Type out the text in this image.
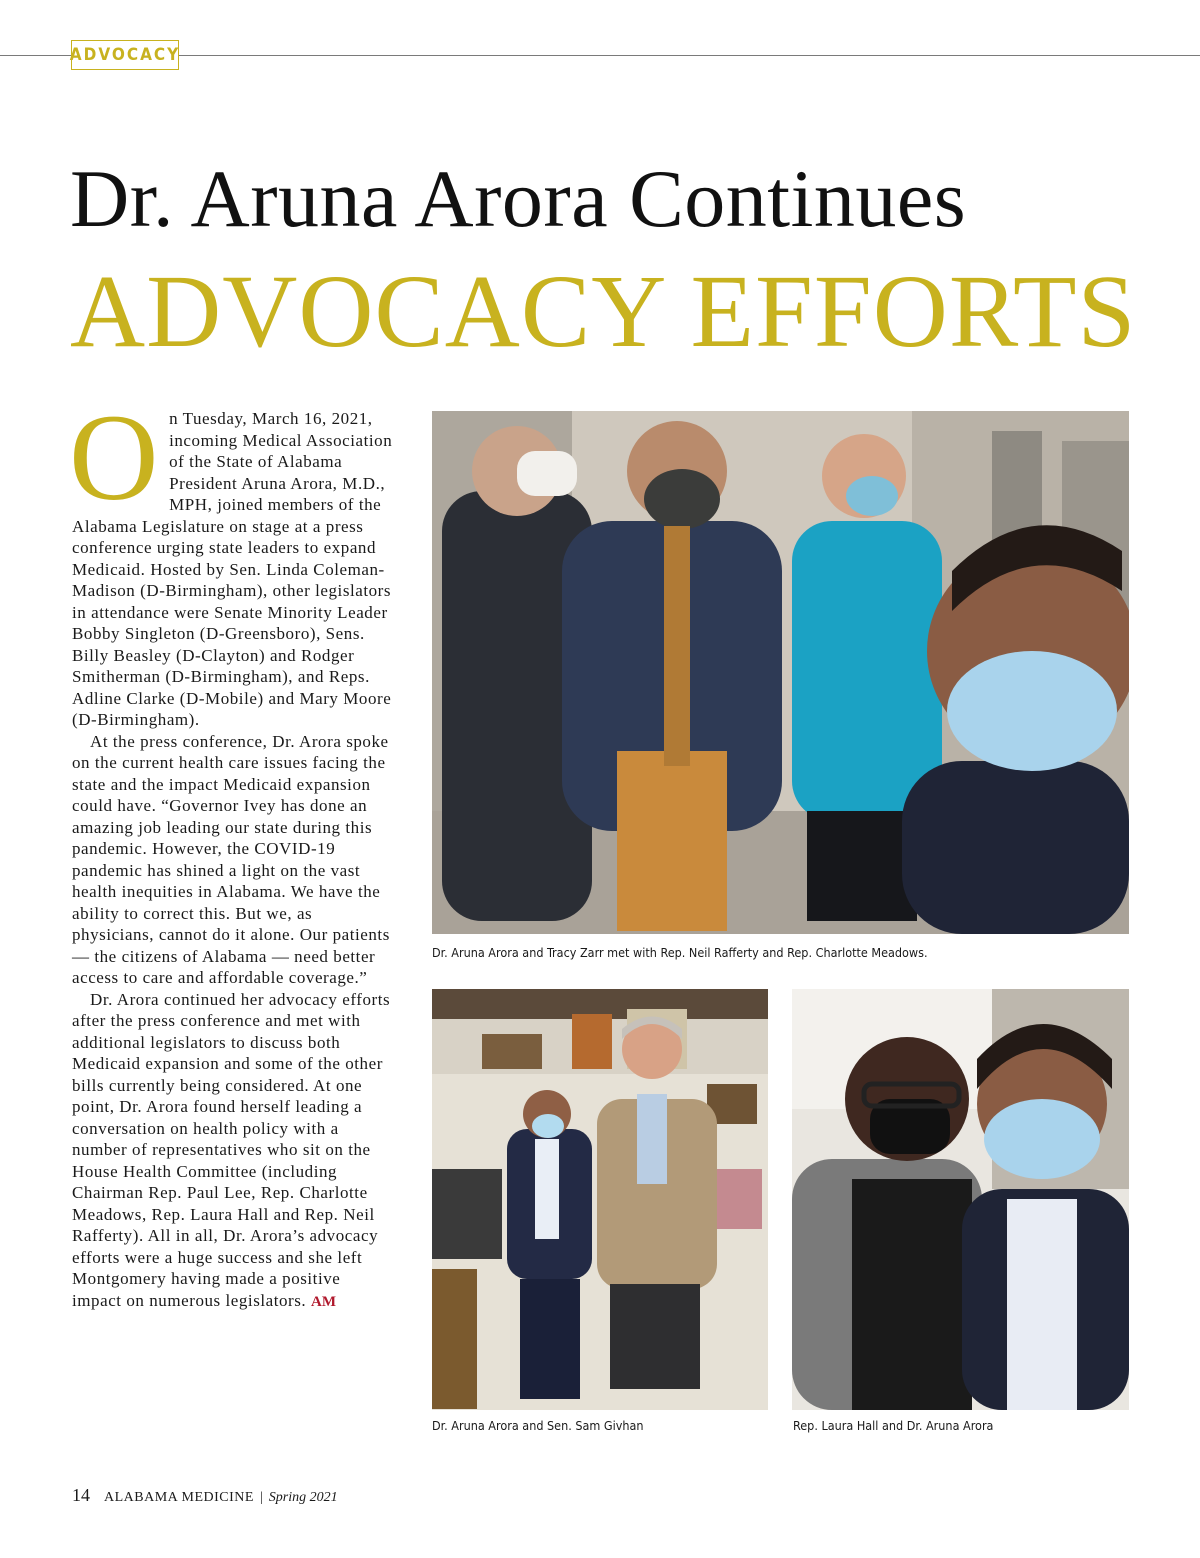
ADVOCACY
Dr. Aruna Arora Continues
ADVOCACY EFFORTS

On Tuesday, March 16, 2021, incoming Medical Association of the State of Alabama President Aruna Arora, M.D., MPH, joined members of the Alabama Legislature on stage at a press conference urging state leaders to expand Medicaid. Hosted by Sen. Linda Coleman-Madison (D-Birmingham), other legislators in attendance were Senate Minority Leader Bobby Singleton (D-Greensboro), Sens. Billy Beasley (D-Clayton) and Rodger Smitherman (D-Birmingham), and Reps. Adline Clarke (D-Mobile) and Mary Moore (D-Birmingham).

At the press conference, Dr. Arora spoke on the current health care issues facing the state and the impact Medicaid expansion could have. “Governor Ivey has done an amazing job leading our state during this pandemic. However, the COVID-19 pandemic has shined a light on the vast health inequities in Alabama. We have the ability to correct this. But we, as physicians, cannot do it alone. Our patients — the citizens of Alabama — need better access to care and affordable coverage.”

Dr. Arora continued her advocacy efforts after the press conference and met with additional legislators to discuss both Medicaid expansion and some of the other bills currently being considered. At one point, Dr. Arora found herself leading a conversation on health policy with a number of representatives who sit on the House Health Committee (including Chairman Rep. Paul Lee, Rep. Charlotte Meadows, Rep. Laura Hall and Rep. Neil Rafferty). All in all, Dr. Arora’s advocacy efforts were a huge success and she left Montgomery having made a positive impact on numerous legislators. AM

Dr. Aruna Arora and Tracy Zarr met with Rep. Neil Rafferty and Rep. Charlotte Meadows.
Dr. Aruna Arora and Sen. Sam Givhan	Rep. Laura Hall and Dr. Aruna Arora
14 ALABAMA MEDICINE | Spring 2021
